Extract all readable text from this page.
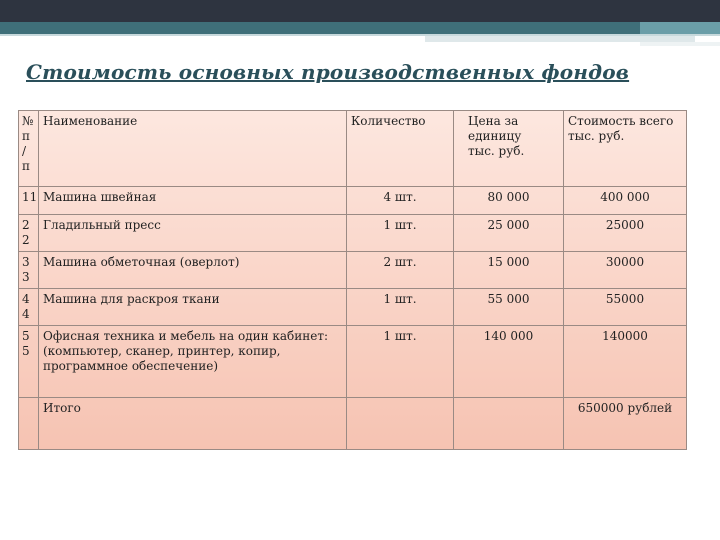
Стоимость основных производственных фондов
№
п
/
п	Наименование	Количество	Цена за единицу тыс. руб.	Стоимость всего тыс. руб.

11	Машина швейная	4 шт.	80 000	400 000

2
2	Гладильный пресс	1 шт.	25 000	25000

3
3	Машина обметочная (оверлот)	2 шт.	15 000	30000

4
4	Машина для раскроя ткани	1 шт.	55 000	55000

5
5	Офисная техника и мебель на один кабинет: (компьютер, сканер, принтер, копир, программное обеспечение)	1 шт.	140 000	140000
	Итого			650000 рублей
